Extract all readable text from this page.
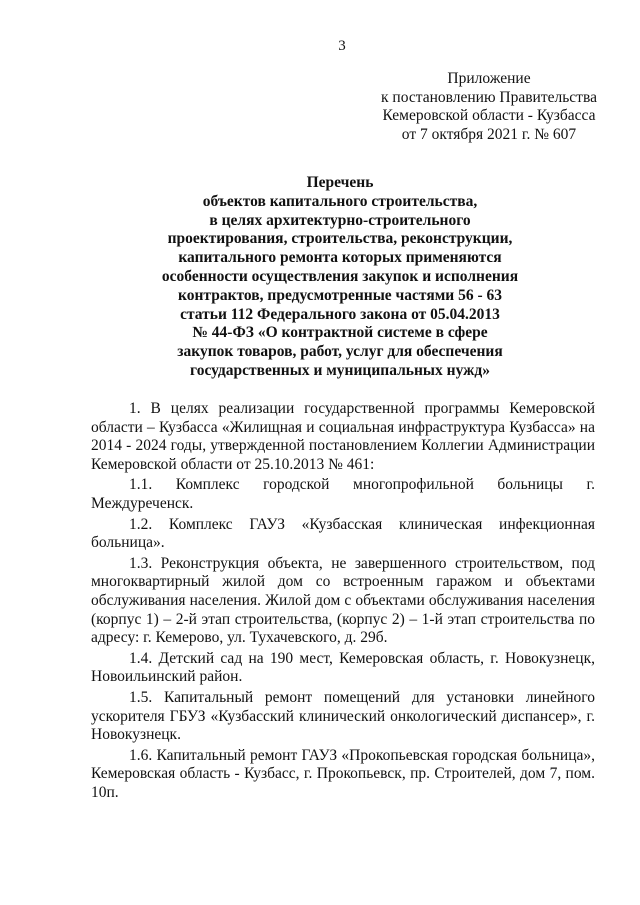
3
Приложение
к постановлению Правительства
Кемеровской области - Кузбасса
от 7 октября 2021 г. № 607
Перечень
объектов капитального строительства,
в целях архитектурно-строительного
проектирования, строительства, реконструкции,
капитального ремонта которых применяются
особенности осуществления закупок и исполнения
контрактов, предусмотренные частями 56 - 63
статьи 112 Федерального закона от 05.04.2013
№ 44-ФЗ «О контрактной системе в сфере
закупок товаров, работ, услуг для обеспечения
государственных и муниципальных нужд»

1. В целях реализации государственной программы Кемеровской области – Кузбасса «Жилищная и социальная инфраструктура Кузбасса» на 2014 - 2024 годы, утвержденной постановлением Коллегии Администрации Кемеровской области от 25.10.2013 № 461:

1.1. Комплекс городской многопрофильной больницы г. Междуреченск.

1.2. Комплекс ГАУЗ «Кузбасская клиническая инфекционная больница».

1.3. Реконструкция объекта, не завершенного строительством, под многоквартирный жилой дом со встроенным гаражом и объектами обслуживания населения. Жилой дом с объектами обслуживания населения (корпус 1) – 2-й этап строительства, (корпус 2) – 1-й этап строительства по адресу: г. Кемерово, ул. Тухачевского, д. 29б.

1.4. Детский сад на 190 мест, Кемеровская область, г. Новокузнецк, Новоильинский район.

1.5. Капитальный ремонт помещений для установки линейного ускорителя ГБУЗ «Кузбасский клинический онкологический диспансер», г. Новокузнецк.

1.6. Капитальный ремонт ГАУЗ «Прокопьевская городская больница», Кемеровская область - Кузбасс, г. Прокопьевск, пр. Строителей, дом 7, пом. 10п.
